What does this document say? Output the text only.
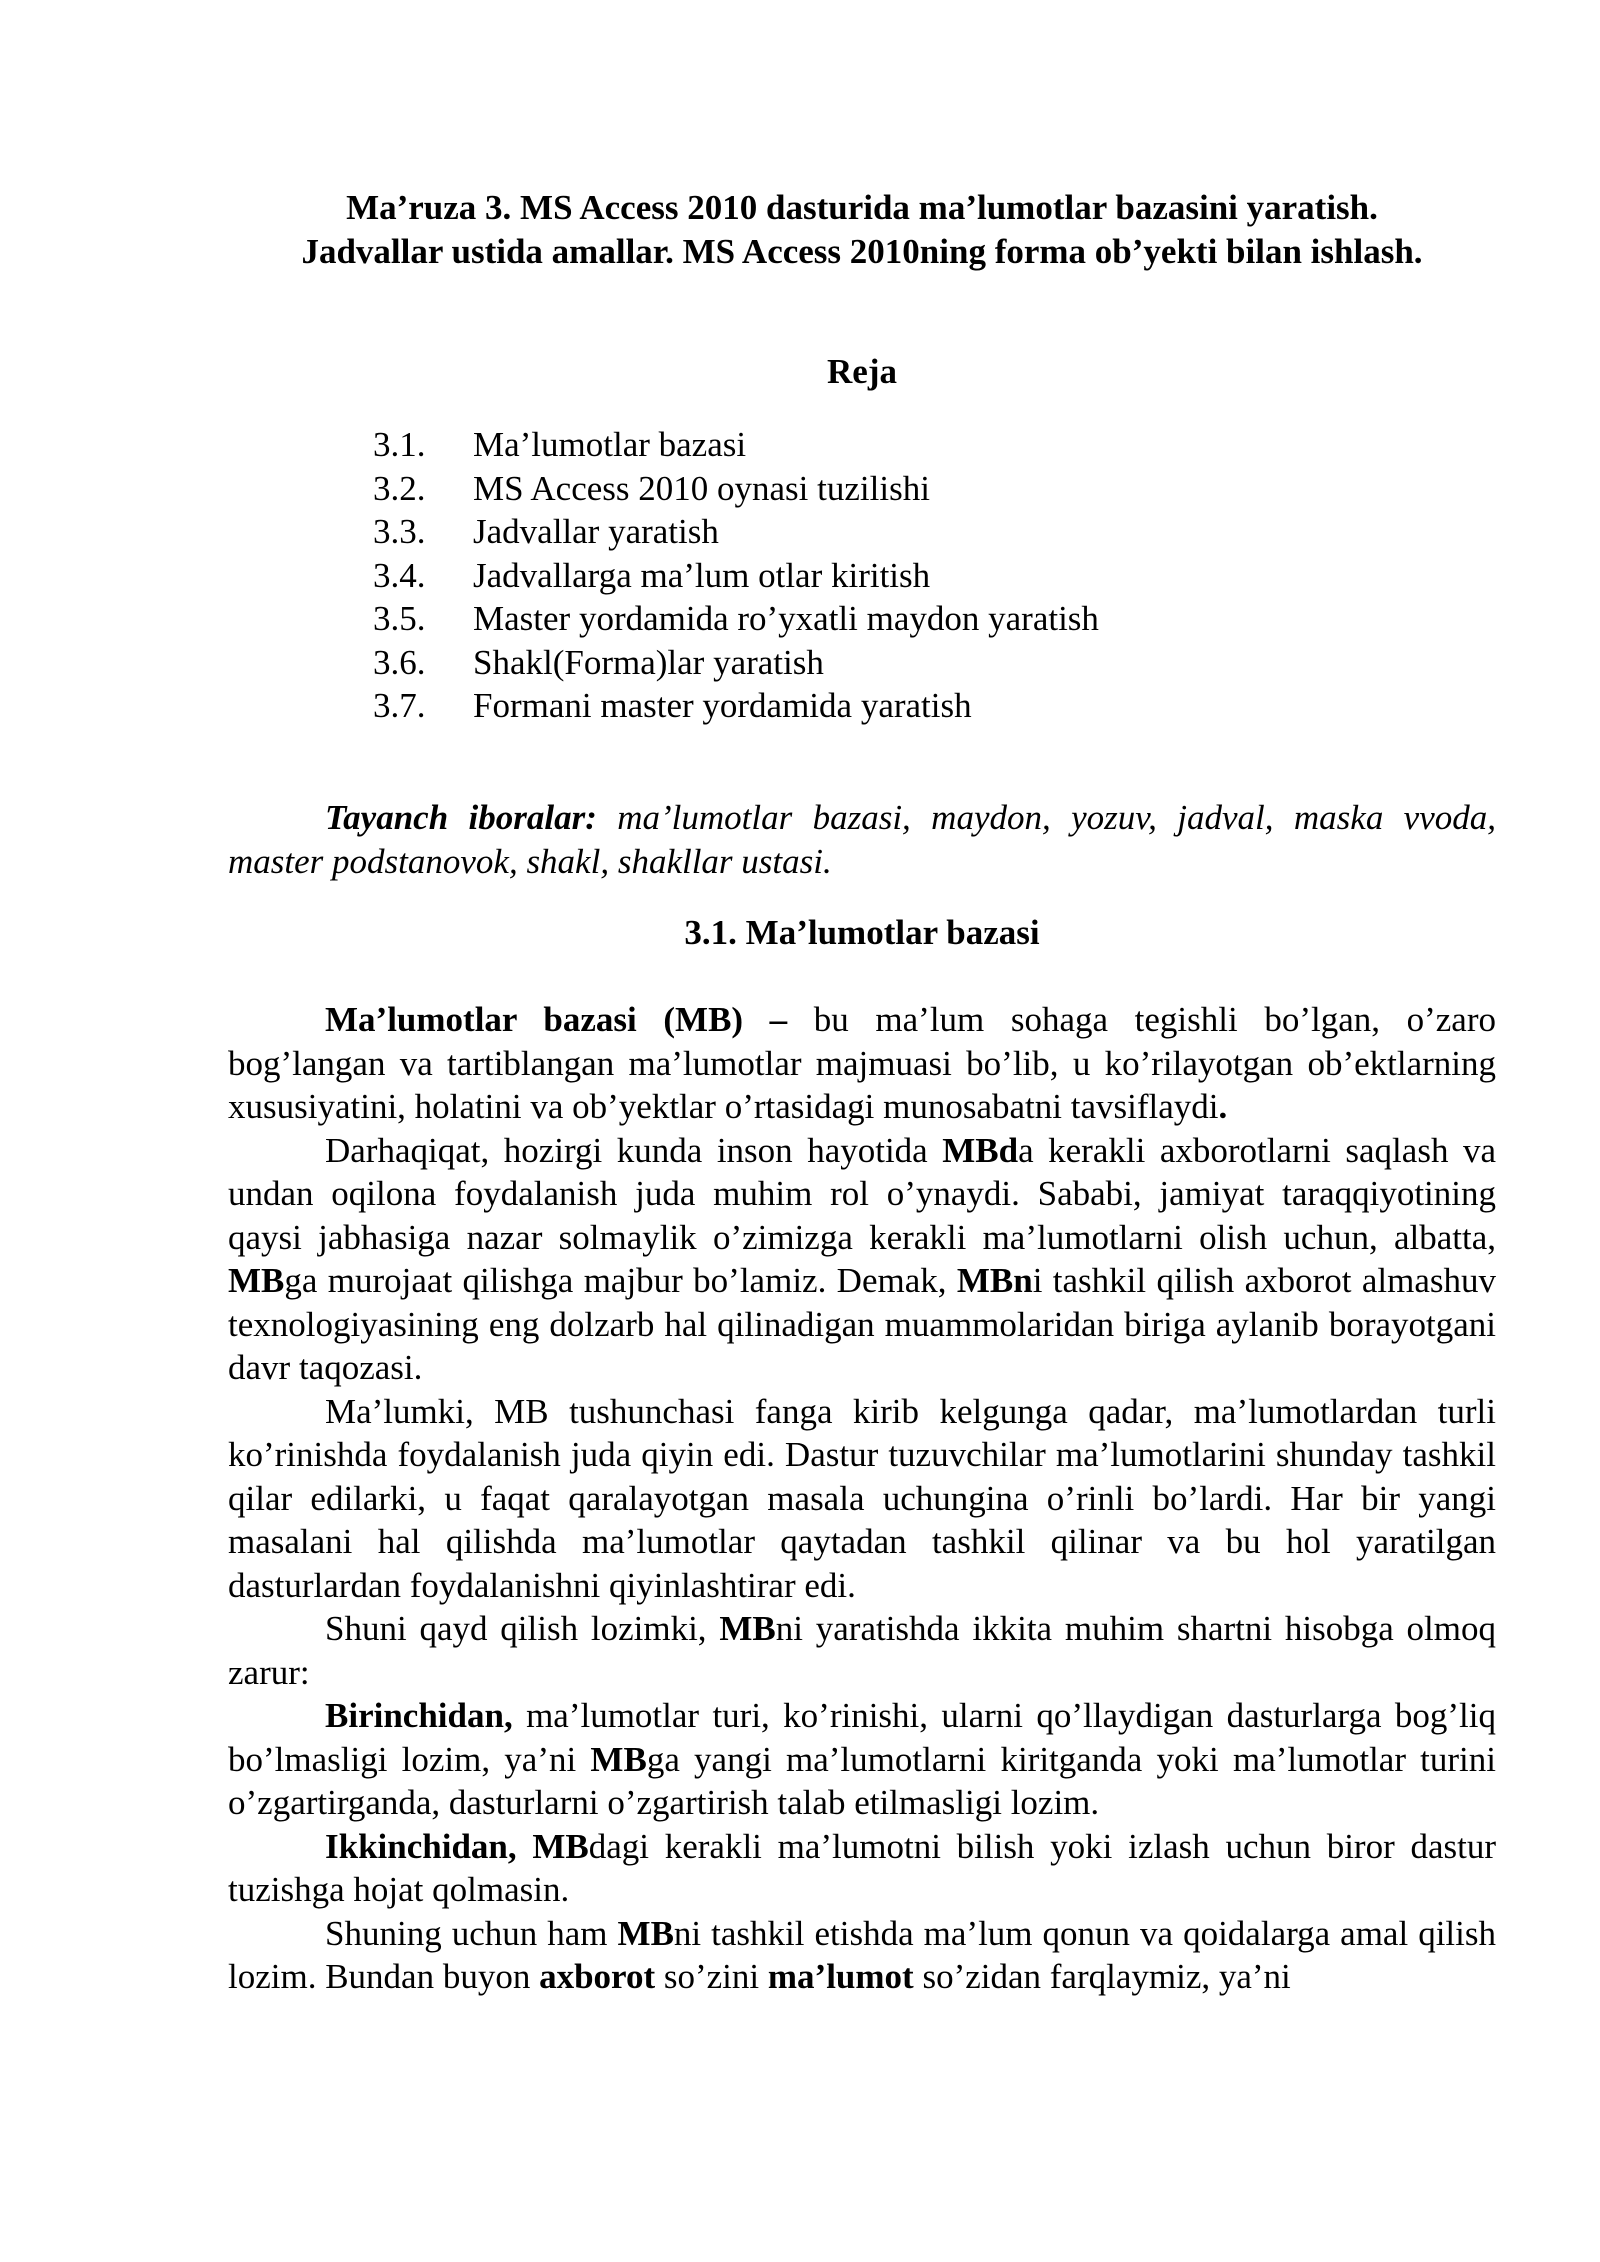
Ma’ruza 3. MS Access 2010 dasturida ma’lumotlar bazasini yaratish.
Jadvallar ustida amallar. MS Access 2010ning forma ob’yekti bilan ishlash.
Reja
3.1. Ma’lumotlar bazasi
3.2. MS Access 2010 oynasi tuzilishi
3.3. Jadvallar yaratish
3.4. Jadvallarga ma’lum otlar kiritish
3.5. Master yordamida ro’yxatli maydon yaratish
3.6. Shakl(Forma)lar yaratish
3.7. Formani master yordamida yaratish

Tayanch iboralar: ma’lumotlar bazasi, maydon, yozuv, jadval, maska vvoda, master podstanovok, shakl, shakllar ustasi.

3.1. Ma’lumotlar bazasi

Ma’lumotlar bazasi (MB) – bu ma’lum sohaga tegishli bo’lgan, o’zaro bog’langan va tartiblangan ma’lumotlar majmuasi bo’lib, u ko’rilayotgan ob’ektlarning xususiyatini, holatini va ob’yektlar o’rtasidagi munosabatni tavsiflaydi.

Darhaqiqat, hozirgi kunda inson hayotida MBda kerakli axborotlarni saqlash va undan oqilona foydalanish juda muhim rol o’ynaydi. Sababi, jamiyat taraqqiyotining qaysi jabhasiga nazar solmaylik o’zimizga kerakli ma’lumotlarni olish uchun, albatta, MBga murojaat qilishga majbur bo’lamiz. Demak, MBni tashkil qilish axborot almashuv texnologiyasining eng dolzarb hal qilinadigan muammolaridan biriga aylanib borayotgani davr taqozasi.

Ma’lumki, MB tushunchasi fanga kirib kelgunga qadar, ma’lumotlardan turli ko’rinishda foydalanish juda qiyin edi. Dastur tuzuvchilar ma’lumotlarini shunday tashkil qilar edilarki, u faqat qaralayotgan masala uchungina o’rinli bo’lardi. Har bir yangi masalani hal qilishda ma’lumotlar qaytadan tashkil qilinar va bu hol yaratilgan dasturlardan foydalanishni qiyinlashtirar edi.

Shuni qayd qilish lozimki, MBni yaratishda ikkita muhim shartni hisobga olmoq zarur:

Birinchidan, ma’lumotlar turi, ko’rinishi, ularni qo’llaydigan dasturlarga bog’liq bo’lmasligi lozim, ya’ni MBga yangi ma’lumotlarni kiritganda yoki ma’lumotlar turini o’zgartirganda, dasturlarni o’zgartirish talab etilmasligi lozim.

Ikkinchidan, MBdagi kerakli ma’lumotni bilish yoki izlash uchun biror dastur tuzishga hojat qolmasin.

Shuning uchun ham MBni tashkil etishda ma’lum qonun va qoidalarga amal qilish lozim. Bundan buyon axborot so’zini ma’lumot so’zidan farqlaymiz, ya’ni
